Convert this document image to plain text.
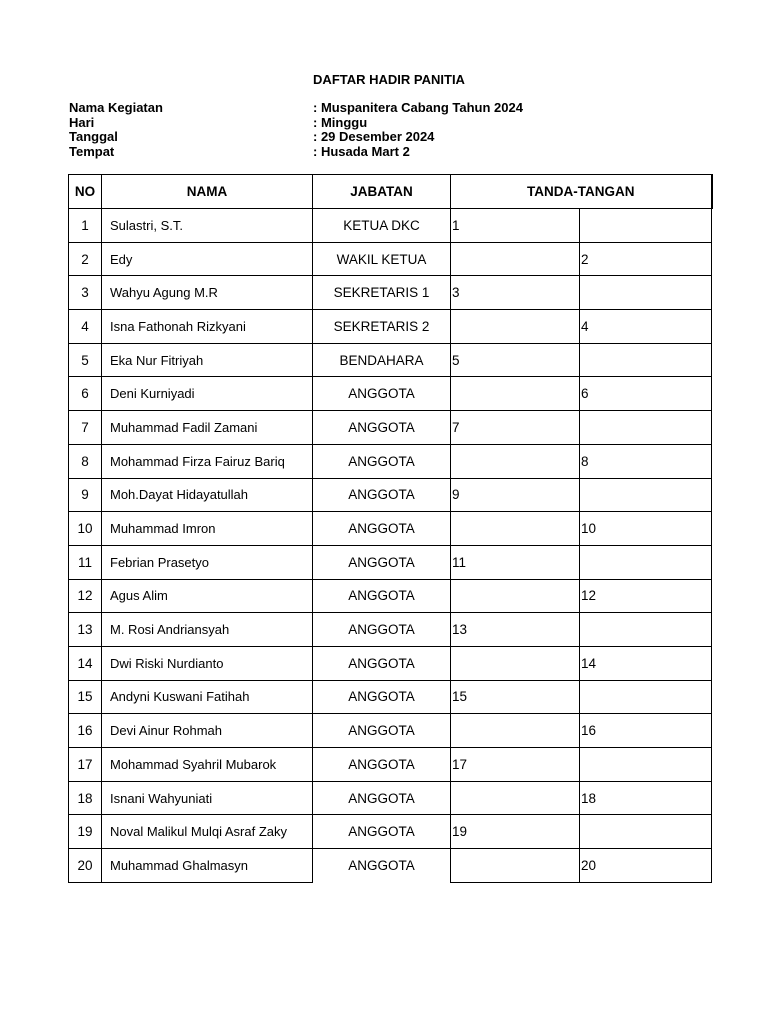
DAFTAR HADIR PANITIA
Nama Kegiatan	: Muspanitera Cabang Tahun 2024
Hari	: Minggu
Tanggal	: 29 Desember 2024
Tempat	: Husada Mart 2
NO	NAMA	JABATAN	TANDA-TANGAN	
1	Sulastri, S.T.	KETUA DKC	1	
2	Edy	WAKIL KETUA		2
3	Wahyu Agung M.R	SEKRETARIS 1	3	
4	Isna Fathonah Rizkyani	SEKRETARIS 2		4
5	Eka Nur Fitriyah	BENDAHARA	5	
6	Deni Kurniyadi	ANGGOTA		6
7	Muhammad Fadil Zamani	ANGGOTA	7	
8	Mohammad Firza Fairuz Bariq	ANGGOTA		8
9	Moh.Dayat Hidayatullah	ANGGOTA	9	
10	Muhammad Imron	ANGGOTA		10
11	Febrian Prasetyo	ANGGOTA	11	
12	Agus Alim	ANGGOTA		12
13	M. Rosi Andriansyah	ANGGOTA	13	
14	Dwi Riski Nurdianto	ANGGOTA		14
15	Andyni Kuswani Fatihah	ANGGOTA	15	
16	Devi Ainur Rohmah	ANGGOTA		16
17	Mohammad Syahril Mubarok	ANGGOTA	17	
18	Isnani Wahyuniati	ANGGOTA		18
19	Noval Malikul Mulqi Asraf Zaky	ANGGOTA	19	
20	Muhammad Ghalmasyn	ANGGOTA		20
